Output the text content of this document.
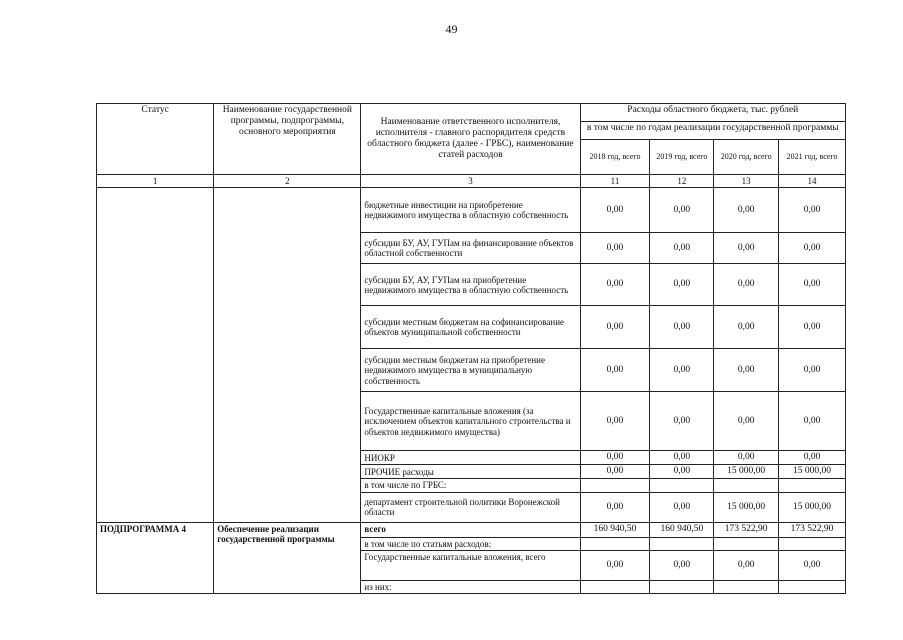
49
Статус	Наименование государственной программы, подпрограммы, основного мероприятия	Наименование ответственного исполнителя, исполнителя - главного распорядителя средств областного бюджета (далее - ГРБС), наименование статей расходов	Расходы областного бюджета, тыс. рублей			
			в том числе по годам реализации государственной программы			
			2018 год, всего	2019 год, всего	2020 год, всего	2021 год, всего
1	2	3	11	12	13	14
		бюджетные инвестиции на приобретение недвижимого имущества в областную собственность	0,00	0,00	0,00	0,00
		субсидии БУ, АУ, ГУПам на финансирование объектов областной собственности	0,00	0,00	0,00	0,00
		субсидии БУ, АУ, ГУПам на приобретение недвижимого имущества в областную собственность	0,00	0,00	0,00	0,00
		субсидии местным бюджетам на софинансирование объектов муниципальной собственности	0,00	0,00	0,00	0,00
		субсидии местным бюджетам на приобретение недвижимого имущества в муниципальную собственность	0,00	0,00	0,00	0,00
		Государственные капитальные вложения (за исключением объектов капитального строительства и объектов недвижимого имущества)	0,00	0,00	0,00	0,00
		НИОКР	0,00	0,00	0,00	0,00
		ПРОЧИЕ расходы	0,00	0,00	15 000,00	15 000,00
		в том числе по ГРБС:				
		департамент строительной политики Воронежской области	0,00	0,00	15 000,00	15 000,00
ПОДПРОГРАММА 4	Обеспечение реализации государственной программы	всего	160 940,50	160 940,50	173 522,90	173 522,90
		в том числе по статьям расходов:				
		Государственные капитальные вложения, всего	0,00	0,00	0,00	0,00
		из них:				
